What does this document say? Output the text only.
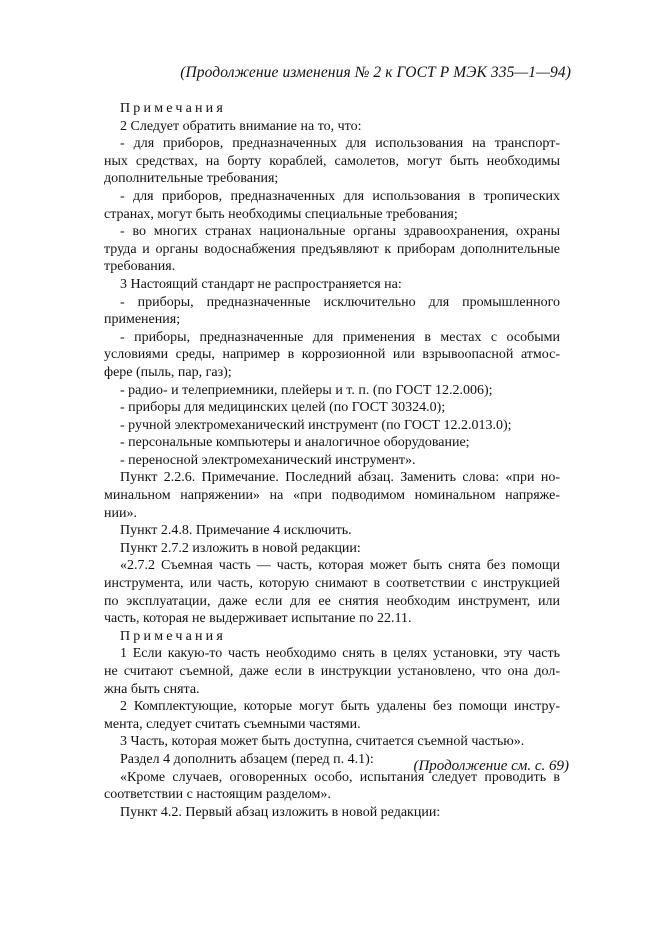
(Продолжение изменения № 2 к ГОСТ Р МЭК 335—1—94)
Примечания
2 Следует обратить внимание на то, что:
- для приборов, предназначенных для использования на транспорт-
ных средствах, на борту кораблей, самолетов, могут быть необходимы
дополнительные требования;
- для приборов, предназначенных для использования в тропических
странах, могут быть необходимы специальные требования;
- во многих странах национальные органы здравоохранения, охраны
труда и органы водоснабжения предъявляют к приборам дополнительные
требования.
3 Настоящий стандарт не распространяется на:
- приборы, предназначенные исключительно для промышленного
применения;
- приборы, предназначенные для применения в местах с особыми
условиями среды, например в коррозионной или взрывоопасной атмос-
фере (пыль, пар, газ);
- радио- и телеприемники, плейеры и т. п. (по ГОСТ 12.2.006);
- приборы для медицинских целей (по ГОСТ 30324.0);
- ручной электромеханический инструмент (по ГОСТ 12.2.013.0);
- персональные компьютеры и аналогичное оборудование;
- переносной электромеханический инструмент».
Пункт 2.2.6. Примечание. Последний абзац. Заменить слова: «при но-
минальном напряжении» на «при подводимом номинальном напряже-
нии».
Пункт 2.4.8. Примечание 4 исключить.
Пункт 2.7.2 изложить в новой редакции:
«2.7.2 Съемная часть — часть, которая может быть снята без помощи
инструмента, или часть, которую снимают в соответствии с инструкцией
по эксплуатации, даже если для ее снятия необходим инструмент, или
часть, которая не выдерживает испытание по 22.11.
Примечания
1 Если какую-то часть необходимо снять в целях установки, эту часть
не считают съемной, даже если в инструкции установлено, что она дол-
жна быть снята.
2 Комплектующие, которые могут быть удалены без помощи инстру-
мента, следует считать съемными частями.
3 Часть, которая может быть доступна, считается съемной частью».
Раздел 4 дополнить абзацем (перед п. 4.1):
«Кроме случаев, оговоренных особо, испытания следует проводить в
соответствии с настоящим разделом».
Пункт 4.2. Первый абзац изложить в новой редакции:
(Продолжение см. с. 69)
